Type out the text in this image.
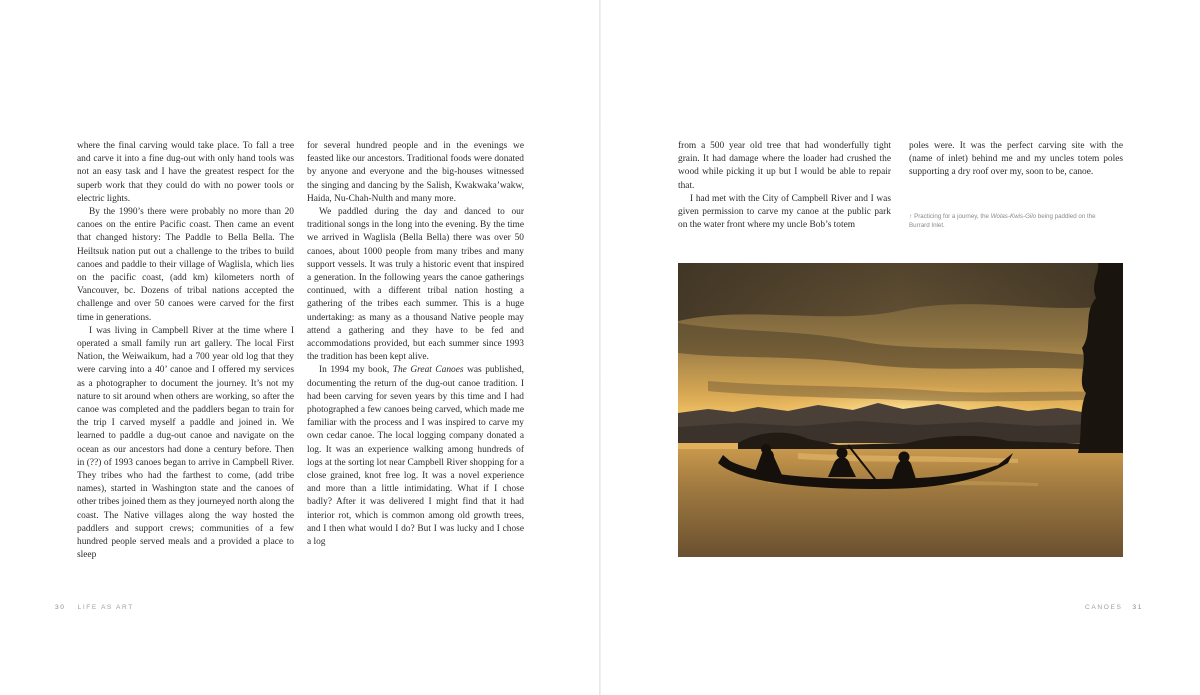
where the final carving would take place. To fall a tree and carve it into a fine dug-out with only hand tools was not an easy task and I have the greatest respect for the superb work that they could do with no power tools or electric lights.

By the 1990’s there were probably no more than 20 canoes on the entire Pacific coast. Then came an event that changed history: The Paddle to Bella Bella. The Heiltsuk nation put out a challenge to the tribes to build canoes and paddle to their village of Waglisla, which lies on the pacific coast, (add km) kilometers north of Vancouver, bc. Dozens of tribal nations accepted the challenge and over 50 canoes were carved for the first time in generations.

I was living in Campbell River at the time where I operated a small family run art gallery. The local First Nation, the Weiwaikum, had a 700 year old log that they were carving into a 40’ canoe and I offered my services as a photographer to document the journey. It’s not my nature to sit around when others are working, so after the canoe was completed and the paddlers began to train for the trip I carved myself a paddle and joined in. We learned to paddle a dug-out canoe and navigate on the ocean as our ancestors had done a century before. Then in (??) of 1993 canoes began to arrive in Campbell River. They tribes who had the farthest to come, (add tribe names), started in Washington state and the canoes of other tribes joined them as they journeyed north along the coast. The Native villages along the way hosted the paddlers and support crews; communities of a few hundred people served meals and a provided a place to sleep

for several hundred people and in the evenings we feasted like our ancestors. Traditional foods were donated by anyone and everyone and the big-houses witnessed the singing and dancing by the Salish, Kwakwaka’wakw, Haida, Nu-Chah-Nulth and many more.

We paddled during the day and danced to our traditional songs in the long into the evening. By the time we arrived in Waglisla (Bella Bella) there was over 50 canoes, about 1000 people from many tribes and many support vessels. It was truly a historic event that inspired a generation. In the following years the canoe gatherings continued, with a different tribal nation hosting a gathering of the tribes each summer. This is a huge undertaking: as many as a thousand Native people may attend a gathering and they have to be fed and accommodations provided, but each summer since 1993 the tradition has been kept alive.

In 1994 my book, The Great Canoes was published, documenting the return of the dug-out canoe tradition. I had been carving for seven years by this time and I had photographed a few canoes being carved, which made me familiar with the process and I was inspired to carve my own cedar canoe. The local logging company donated a log. It was an experience walking among hundreds of logs at the sorting lot near Campbell River shopping for a close grained, knot free log. It was a novel experience and more than a little intimidating. What if I chose badly? After it was delivered I might find that it had interior rot, which is common among old growth trees, and I then what would I do? But I was lucky and I chose a log

30 LIFE AS ART

from a 500 year old tree that had wonderfully tight grain. It had damage where the loader had crushed the wood while picking it up but I would be able to repair that.

I had met with the City of Campbell River and I was given permission to carve my canoe at the public park on the water front where my uncle Bob’s totem

poles were. It was the perfect carving site with the (name of inlet) behind me and my uncles totem poles supporting a dry roof over my, soon to be, canoe.

↑ Practicing for a journey, the Wolas-Kwis-Gilo being paddled on the Burrard Inlet.
CANOES 31
